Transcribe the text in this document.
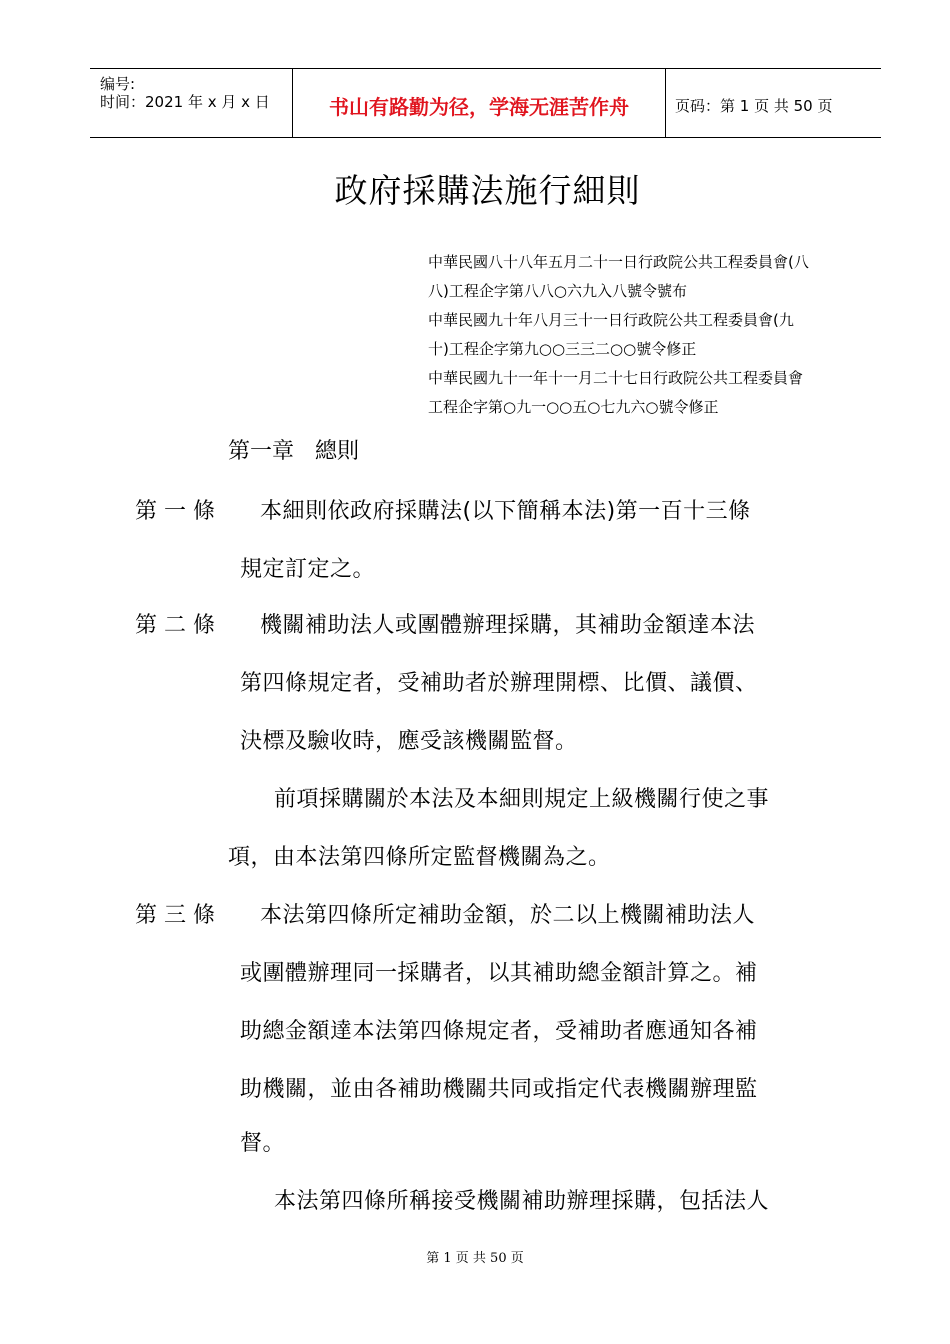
编号:
时间：2021 年 x 月 x 日	书山有路勤为径，学海无涯苦作舟	页码：第 1 页 共 50 页
政府採購法施行細則
中華民國八十八年五月二十一日行政院公共工程委員會(八
八)工程企字第八八○六九入八號令號布
中華民國九十年八月三十一日行政院公共工程委員會(九
十)工程企字第九○○三三二○○號令修正
中華民國九十一年十一月二十七日行政院公共工程委員會
工程企字第○九一○○五○七九六○號令修正
第一章   總則
第 一 條 本細則依政府採購法(以下簡稱本法)第一百十三條
規定訂定之。
第 二 條 機關補助法人或團體辦理採購，其補助金額達本法
第四條規定者，受補助者於辦理開標、比價、議價、
決標及驗收時，應受該機關監督。
前項採購關於本法及本細則規定上級機關行使之事
項，由本法第四條所定監督機關為之。
第 三 條 本法第四條所定補助金額，於二以上機關補助法人
或團體辦理同一採購者，以其補助總金額計算之。補
助總金額達本法第四條規定者，受補助者應通知各補
助機關，並由各補助機關共同或指定代表機關辦理監
督。
本法第四條所稱接受機關補助辦理採購，包括法人
第 1 页 共 50 页
